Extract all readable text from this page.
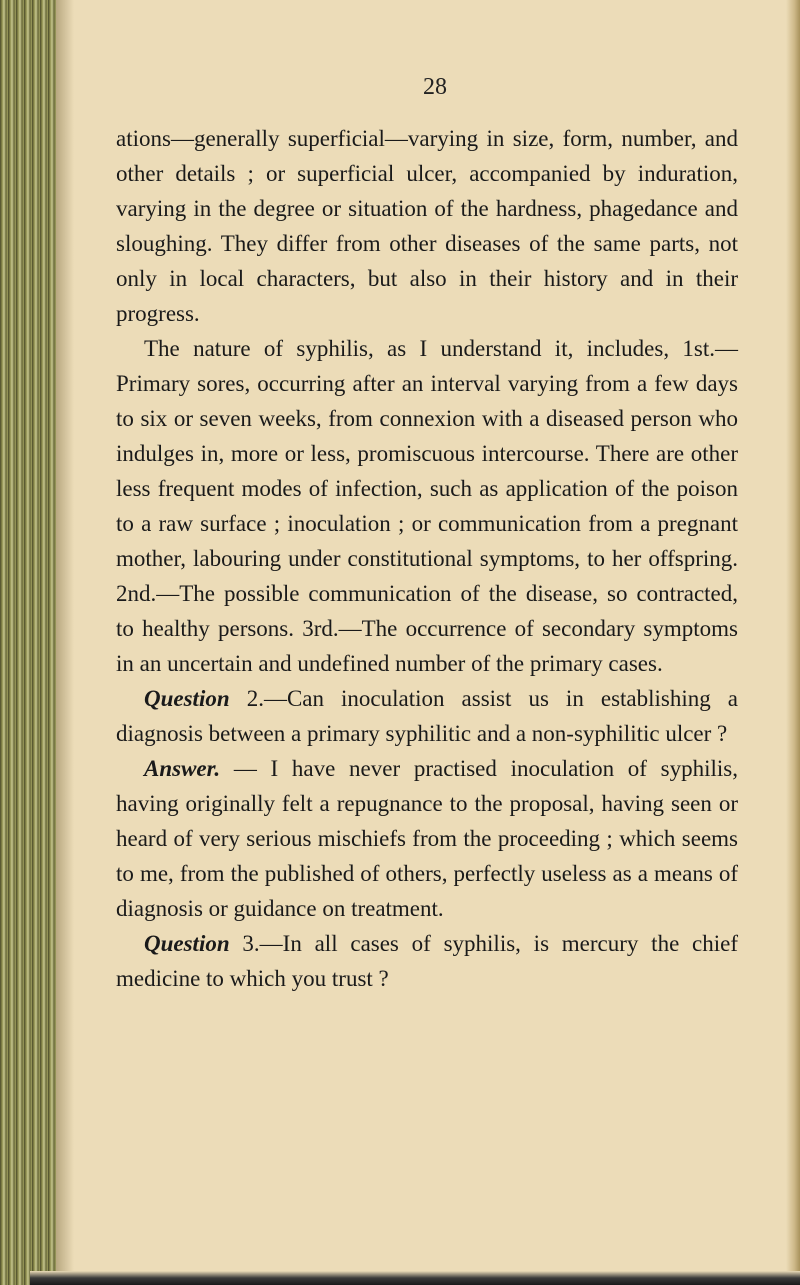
28

ations—generally superficial—varying in size, form, number, and other details ; or superficial ulcer, accompanied by induration, varying in the degree or situation of the hardness, phagedance and sloughing. They differ from other diseases of the same parts, not only in local characters, but also in their history and in their progress.

The nature of syphilis, as I understand it, includes, 1st.—Primary sores, occurring after an interval varying from a few days to six or seven weeks, from connexion with a diseased person who indulges in, more or less, promiscuous intercourse. There are other less frequent modes of infection, such as application of the poison to a raw surface ; inoculation ; or communication from a pregnant mother, labouring under constitutional symptoms, to her offspring. 2nd.—The possible communication of the disease, so contracted, to healthy persons. 3rd.—The occurrence of secondary symptoms in an uncertain and undefined number of the primary cases.

Question 2.—Can inoculation assist us in establishing a diagnosis between a primary syphilitic and a non-syphilitic ulcer ?

Answer. — I have never practised inoculation of syphilis, having originally felt a repugnance to the proposal, having seen or heard of very serious mischiefs from the proceeding ; which seems to me, from the published of others, perfectly useless as a means of diagnosis or guidance on treatment.

Question 3.—In all cases of syphilis, is mercury the chief medicine to which you trust ?
